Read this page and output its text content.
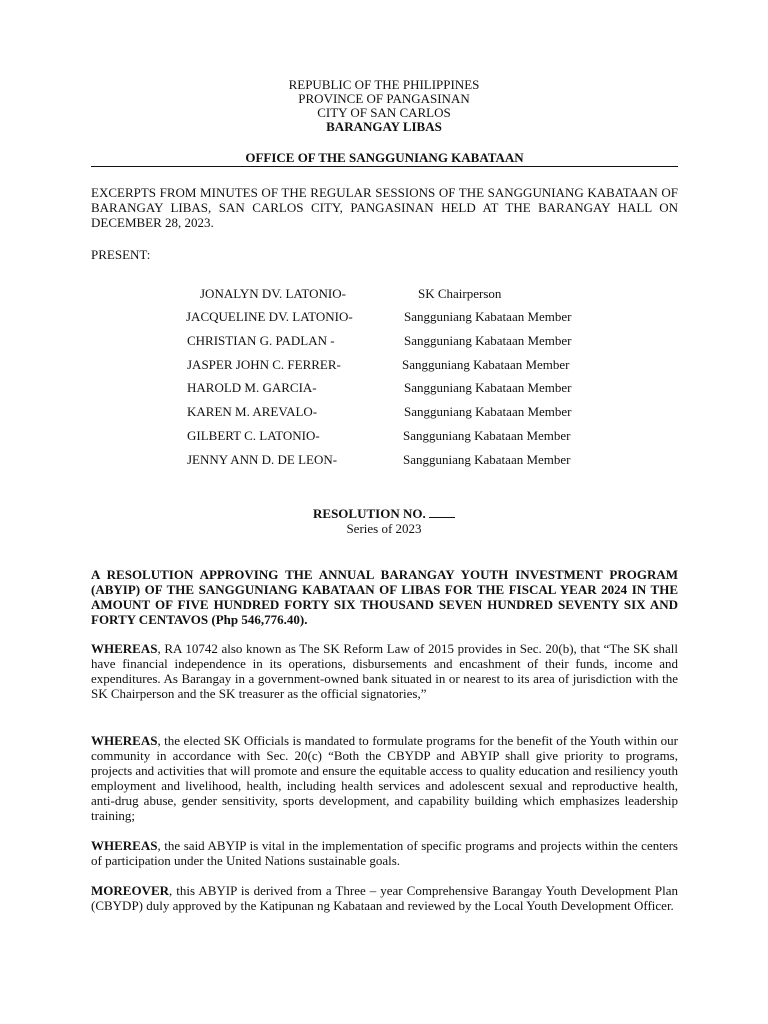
REPUBLIC OF THE PHILIPPINES
PROVINCE OF PANGASINAN
CITY OF SAN CARLOS
BARANGAY LIBAS
OFFICE OF THE SANGGUNIANG KABATAAN
EXCERPTS FROM MINUTES OF THE REGULAR SESSIONS OF THE SANGGUNIANG KABATAAN OF BARANGAY LIBAS, SAN CARLOS CITY, PANGASINAN HELD AT THE BARANGAY HALL ON DECEMBER 28, 2023.
PRESENT:
JONALYN DV. LATONIO-	SK Chairperson
JACQUELINE DV. LATONIO-	Sangguniang Kabataan Member
CHRISTIAN G. PADLAN -	Sangguniang Kabataan Member
JASPER JOHN C. FERRER-	Sangguniang Kabataan Member
HAROLD M. GARCIA-	Sangguniang Kabataan Member
KAREN M. AREVALO-	Sangguniang Kabataan Member
GILBERT C. LATONIO-	Sangguniang Kabataan Member
JENNY ANN D. DE LEON-	Sangguniang Kabataan Member
RESOLUTION NO.
Series of 2023
A RESOLUTION APPROVING THE ANNUAL BARANGAY YOUTH INVESTMENT PROGRAM (ABYIP) OF THE SANGGUNIANG KABATAAN OF LIBAS FOR THE FISCAL YEAR 2024 IN THE AMOUNT OF FIVE HUNDRED FORTY SIX THOUSAND SEVEN HUNDRED SEVENTY SIX AND FORTY CENTAVOS (Php 546,776.40).

WHEREAS, RA 10742 also known as The SK Reform Law of 2015 provides in Sec. 20(b), that “The SK shall have financial independence in its operations, disbursements and encashment of their funds, income and expenditures. As Barangay in a government-owned bank situated in or nearest to its area of jurisdiction with the SK Chairperson and the SK treasurer as the official signatories,”

WHEREAS, the elected SK Officials is mandated to formulate programs for the benefit of the Youth within our community in accordance with Sec. 20(c) “Both the CBYDP and ABYIP shall give priority to programs, projects and activities that will promote and ensure the equitable access to quality education and resiliency youth employment and livelihood, health, including health services and adolescent sexual and reproductive health, anti-drug abuse, gender sensitivity, sports development, and capability building which emphasizes leadership training;

WHEREAS, the said ABYIP is vital in the implementation of specific programs and projects within the centers of participation under the United Nations sustainable goals.

MOREOVER, this ABYIP is derived from a Three – year Comprehensive Barangay Youth Development Plan (CBYDP) duly approved by the Katipunan ng Kabataan and reviewed by the Local Youth Development Officer.
